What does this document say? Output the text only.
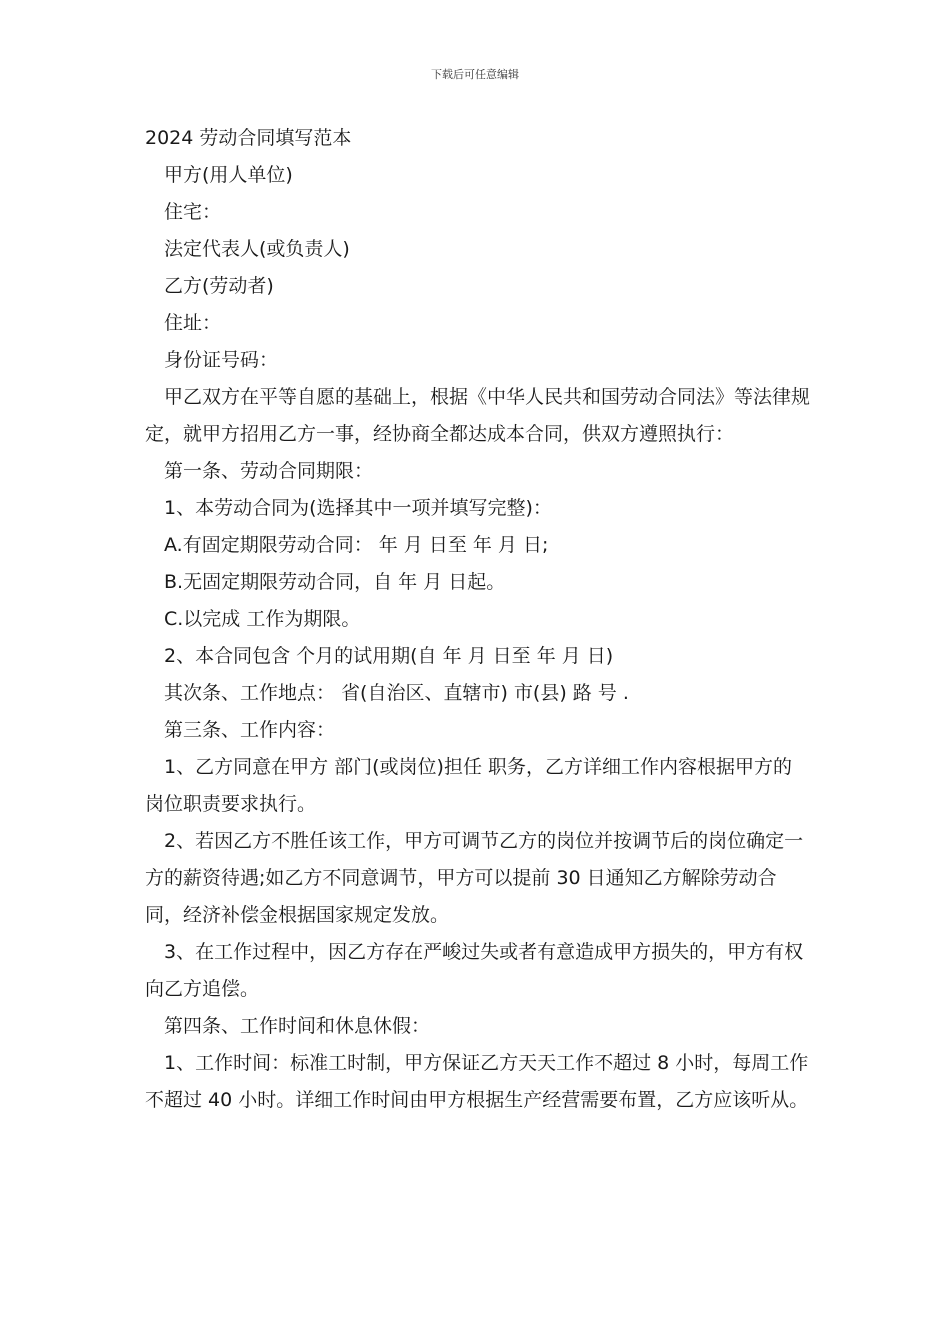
下载后可任意编辑

2024 劳动合同填写范本

甲方(用人单位)

住宅：

法定代表人(或负责人)

乙方(劳动者)

住址：

身份证号码：

甲乙双方在平等自愿的基础上，根据《中华人民共和国劳动合同法》等法律规定，就甲方招用乙方一事，经协商全都达成本合同，供双方遵照执行：

第一条、劳动合同期限：

1、本劳动合同为(选择其中一项并填写完整)：

A.有固定期限劳动合同： 年 月 日至 年 月 日;

B.无固定期限劳动合同，自 年 月 日起。

C.以完成 工作为期限。

2、本合同包含 个月的试用期(自 年 月 日至 年 月 日)

其次条、工作地点： 省(自治区、直辖市) 市(县) 路 号 .

第三条、工作内容：

1、乙方同意在甲方 部门(或岗位)担任 职务，乙方详细工作内容根据甲方的岗位职责要求执行。

2、若因乙方不胜任该工作，甲方可调节乙方的岗位并按调节后的岗位确定一方的薪资待遇;如乙方不同意调节，甲方可以提前 30 日通知乙方解除劳动合同，经济补偿金根据国家规定发放。

3、在工作过程中，因乙方存在严峻过失或者有意造成甲方损失的，甲方有权向乙方追偿。

第四条、工作时间和休息休假：

1、工作时间：标准工时制，甲方保证乙方天天工作不超过 8 小时，每周工作不超过 40 小时。详细工作时间由甲方根据生产经营需要布置，乙方应该听从。
